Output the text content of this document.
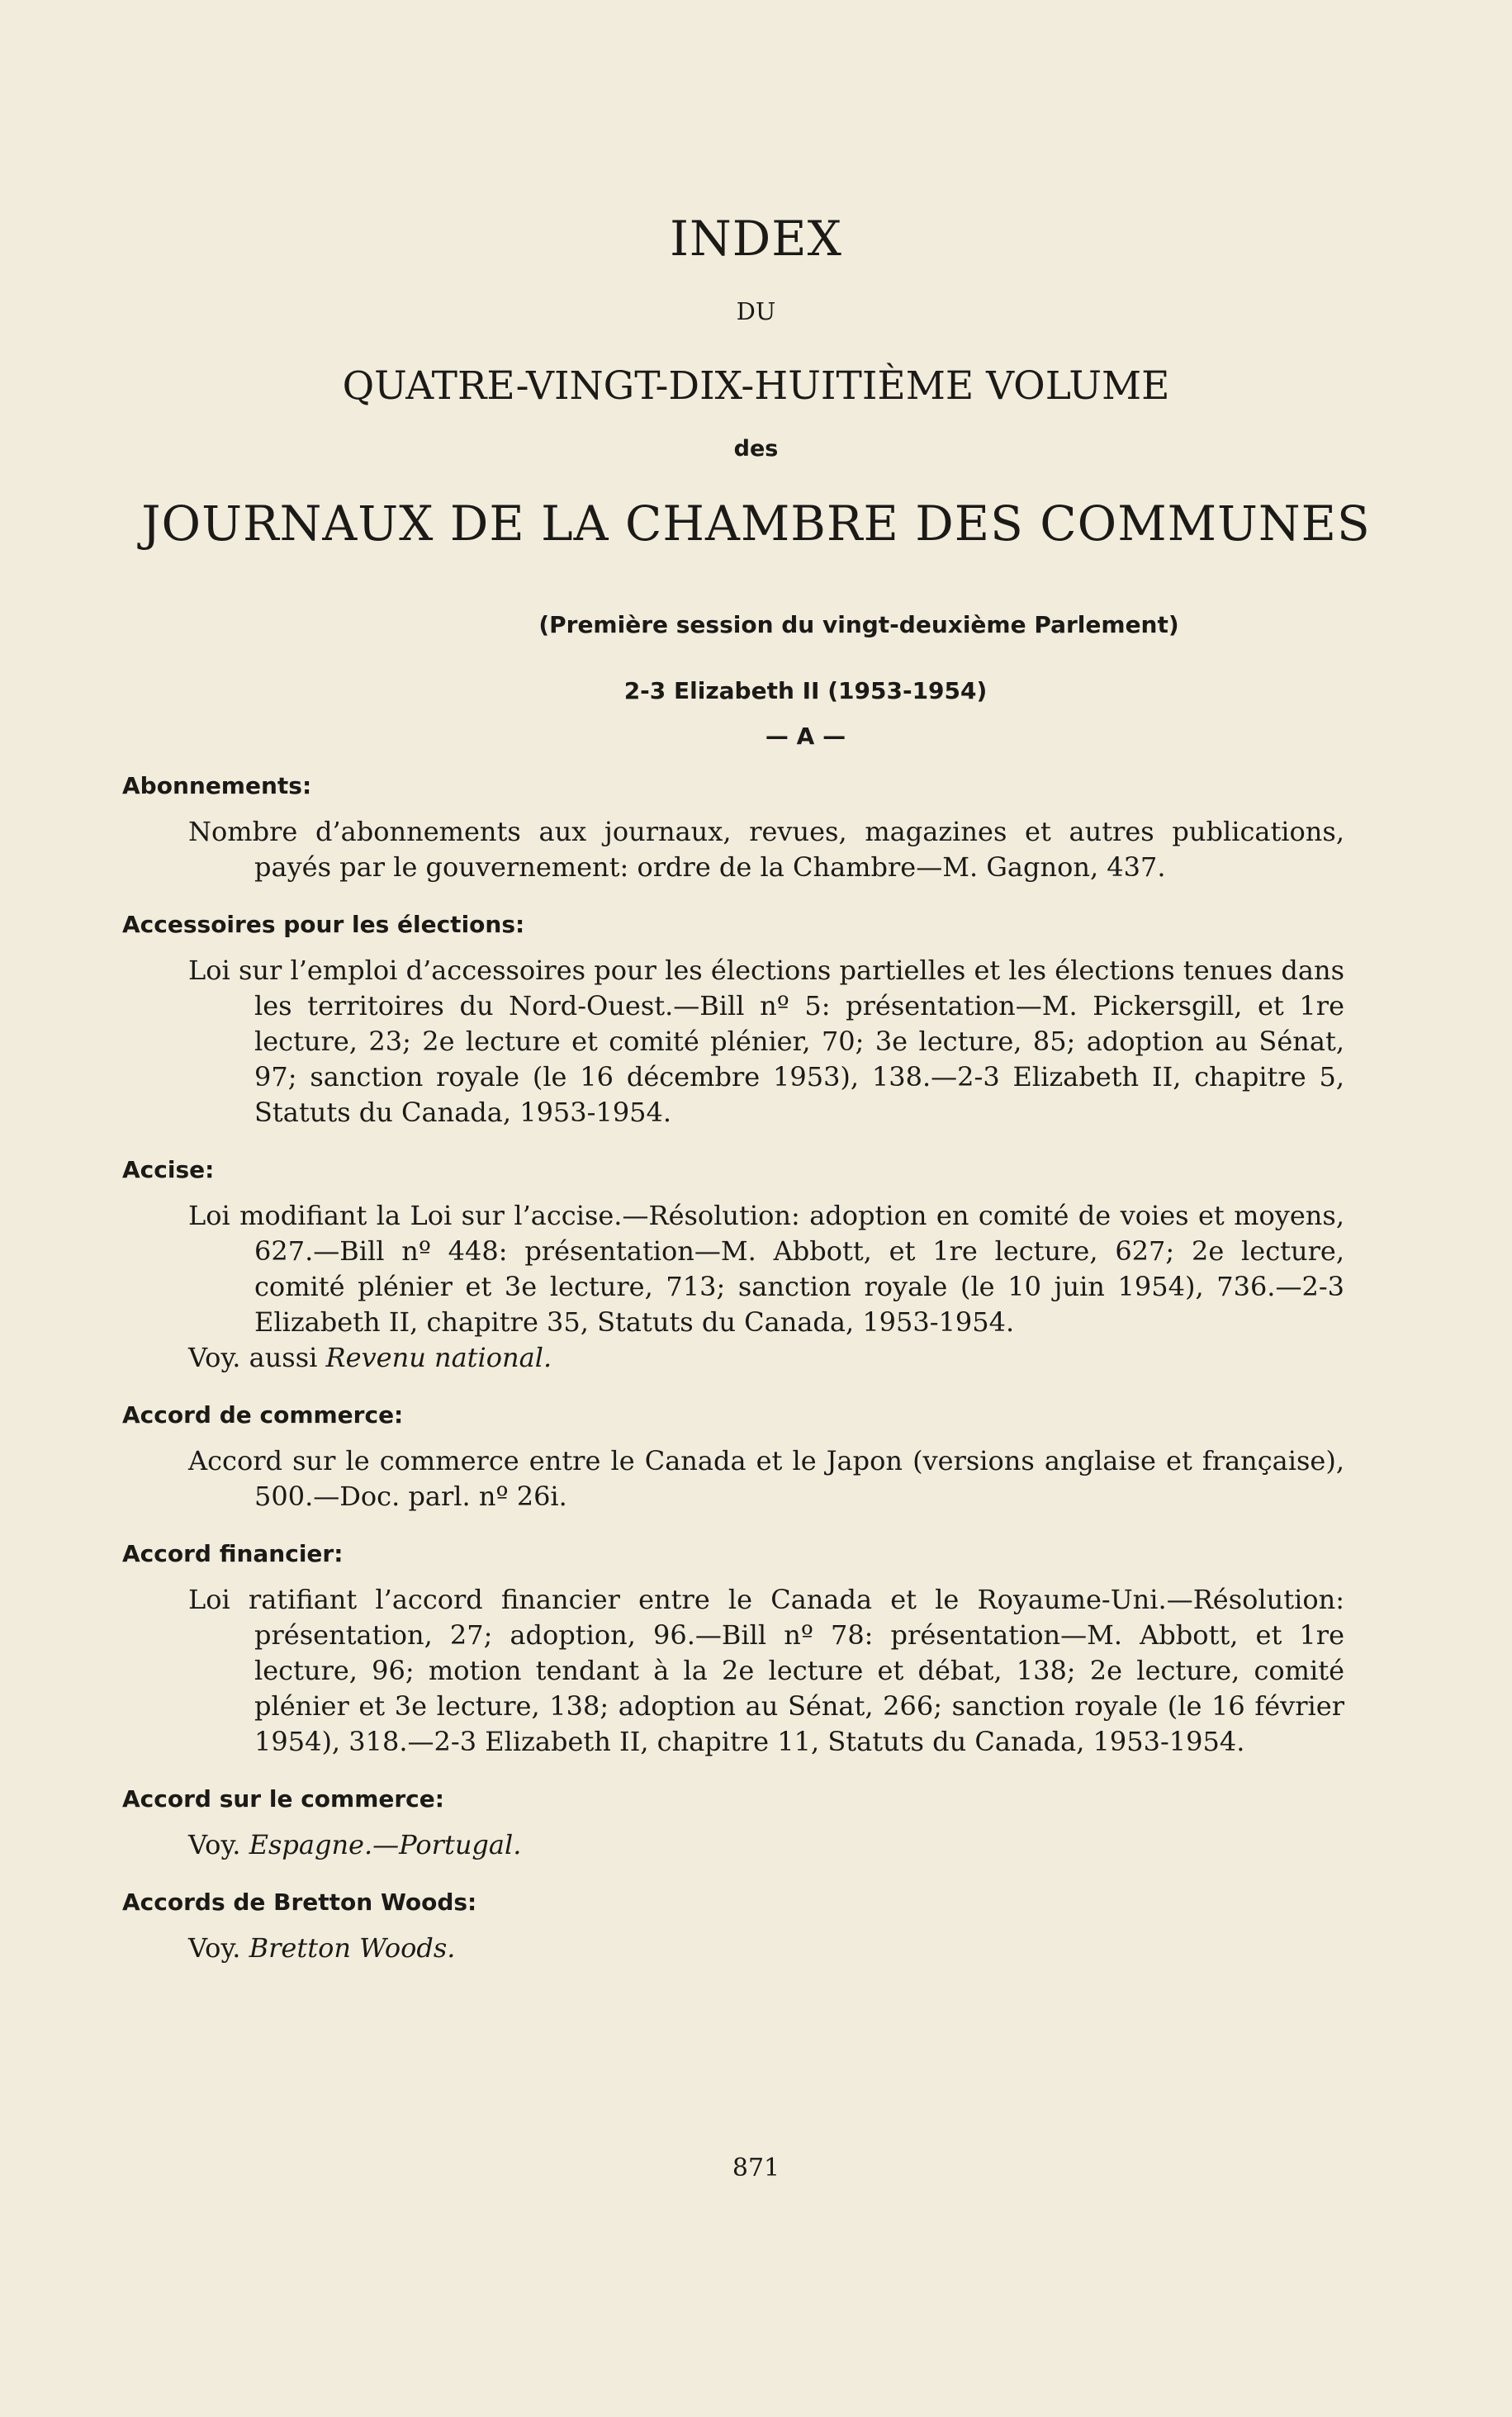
INDEX
DU
QUATRE-VINGT-DIX-HUITIÈME VOLUME
des
JOURNAUX DE LA CHAMBRE DES COMMUNES
(Première session du vingt-deuxième Parlement)
2-3 Elizabeth II (1953-1954)
— A —
Abonnements:
Nombre d’abonnements aux journaux, revues, magazines et autres publications, payés par le gouvernement: ordre de la Chambre—M. Gagnon, 437.
Accessoires pour les élections:
Loi sur l’emploi d’accessoires pour les élections partielles et les élections tenues dans les territoires du Nord-Ouest.—Bill nº 5: présentation—M. Pickersgill, et 1re lecture, 23; 2e lecture et comité plénier, 70; 3e lecture, 85; adoption au Sénat, 97; sanction royale (le 16 décembre 1953), 138.—2-3 Elizabeth II, chapitre 5, Statuts du Canada, 1953-1954.
Accise:
Loi modifiant la Loi sur l’accise.—Résolution: adoption en comité de voies et moyens, 627.—Bill nº 448: présentation—M. Abbott, et 1re lecture, 627; 2e lecture, comité plénier et 3e lecture, 713; sanction royale (le 10 juin 1954), 736.—2-3 Elizabeth II, chapitre 35, Statuts du Canada, 1953-1954.
Voy. aussi Revenu national.
Accord de commerce:
Accord sur le commerce entre le Canada et le Japon (versions anglaise et française), 500.—Doc. parl. nº 26i.
Accord financier:
Loi ratifiant l’accord financier entre le Canada et le Royaume-Uni.—Résolution: présentation, 27; adoption, 96.—Bill nº 78: présentation—M. Abbott, et 1re lecture, 96; motion tendant à la 2e lecture et débat, 138; 2e lecture, comité plénier et 3e lecture, 138; adoption au Sénat, 266; sanction royale (le 16 février 1954), 318.—2-3 Elizabeth II, chapitre 11, Statuts du Canada, 1953-1954.
Accord sur le commerce:
Voy. Espagne.—Portugal.
Accords de Bretton Woods:
Voy. Bretton Woods.
871
